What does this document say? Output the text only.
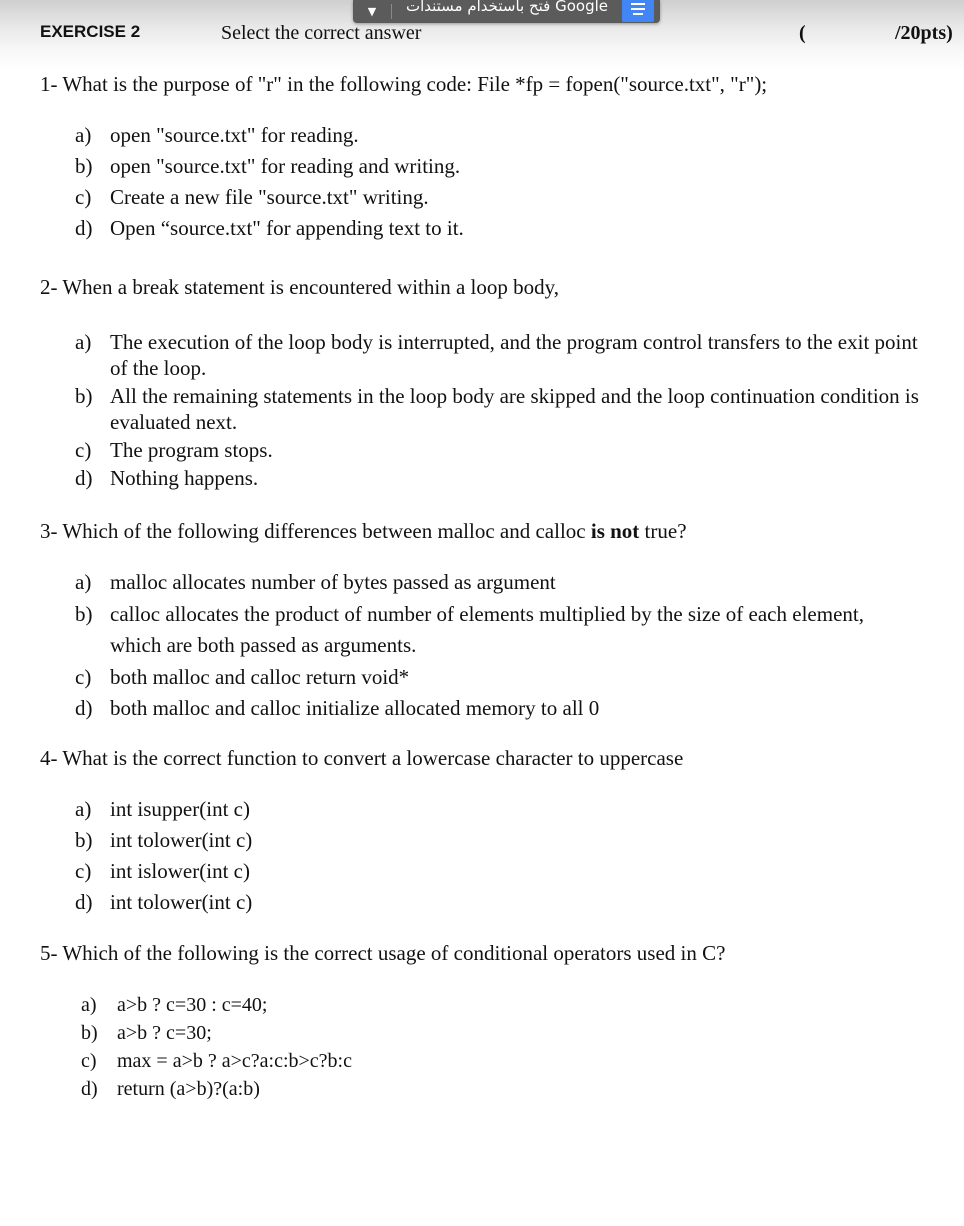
▼	فتح باستخدام مستندات Google
EXERCISE 2	Select the correct answer	(	/20pts)
1- What is the purpose of "r" in the following code: File *fp = fopen("source.txt", "r");
a) open "source.txt" for reading.
b) open "source.txt" for reading and writing.
c) Create a new file "source.txt" writing.
d) Open “source.txt" for appending text to it.
2- When a break statement is encountered within a loop body,
a) The execution of the loop body is interrupted, and the program control transfers to the exit point of the loop.
b) All the remaining statements in the loop body are skipped and the loop continuation condition is evaluated next.
c) The program stops.
d) Nothing happens.
3- Which of the following differences between malloc and calloc is not true?
a) malloc allocates number of bytes passed as argument
b) calloc allocates the product of number of elements multiplied by the size of each element, which are both passed as arguments.
c) both malloc and calloc return void*
d) both malloc and calloc initialize allocated memory to all 0
4- What is the correct function to convert a lowercase character to uppercase
a) int isupper(int c)
b) int tolower(int c)
c) int islower(int c)
d) int tolower(int c)
5- Which of the following is the correct usage of conditional operators used in C?
a) a>b ? c=30 : c=40;
b) a>b ? c=30;
c) max = a>b ? a>c?a:c:b>c?b:c
d) return (a>b)?(a:b)
